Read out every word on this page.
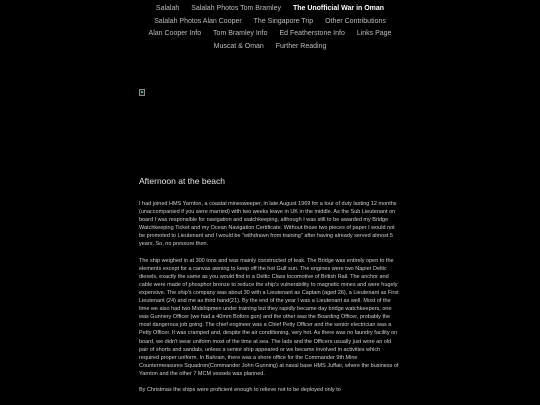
Salalah Salalah Photos Tom Bramley The Unofficial War in Oman
Salalah Photos Alan Cooper The Singapore Trip Other Contributions
Alan Cooper Info Tom Bramley Info Ed Featherstone Info Links Page
Muscat & Oman Further Reading
Afternoon at the beach

I had joined HMS Yarnton, a coastal minesweeper, in late August 1969 for a tour of duty lasting 12 months (unaccompanied if you were married) with two weeks leave in UK in the middle. As the Sub Lieutenant on board I was responsible for navigation and watchkeeping, although I was still to be awarded my Bridge Watchkeeping Ticket and my Ocean Navigation Certificate. Without those two pieces of paper I would not be promoted to Lieutenant and I would be "withdrawn from training" after having already served almost 5 years. So, no pressure then.

The ship weighed in at 300 tons and was mainly constructed of teak. The Bridge was entirely open to the elements except for a canvas awning to keep off the hot Gulf sun. The engines were two Napier Deltic diesels, exactly the same as you would find in a Deltic Class locomotive of British Rail. The anchor and cable were made of phosphor bronze to reduce the ship's vulnerability to magnetic mines and were hugely expensive. The ship's company was about 30 with a Lieutenant as Captain (aged 26), a Lieutenant as First Lieutenant (24) and me as third hand(21). By the end of the year I was a Lieutenant as well. Most of the time we also had two Midshipmen under training but they rapidly became day bridge watchkeepers, one was Gunnery Officer (we had a 40mm Bofors gun) and the other was the Boarding Officer, probably the most dangerous job going. The chief engineer was a Chief Petty Officer and the senior electrician was a Petty Officer. It was cramped and, despite the air conditioning, very hot. As there was no laundry facility on board, we didn't wear uniform most of the time at sea. The lads and the Officers usually just wore an old pair of shorts and sandals, unless a senior ship appeared or we became involved in activities which required proper uniform. In Bahrain, there was a shore office for the Commander 9th Mine Countermeasures Squadron(Commander John Gunning) at naval base HMS Juffair, where the business of Yarnton and the other 7 MCM vessels was planned.

By Christmas the ships were proficient enough to relieve not to be deployed only to
